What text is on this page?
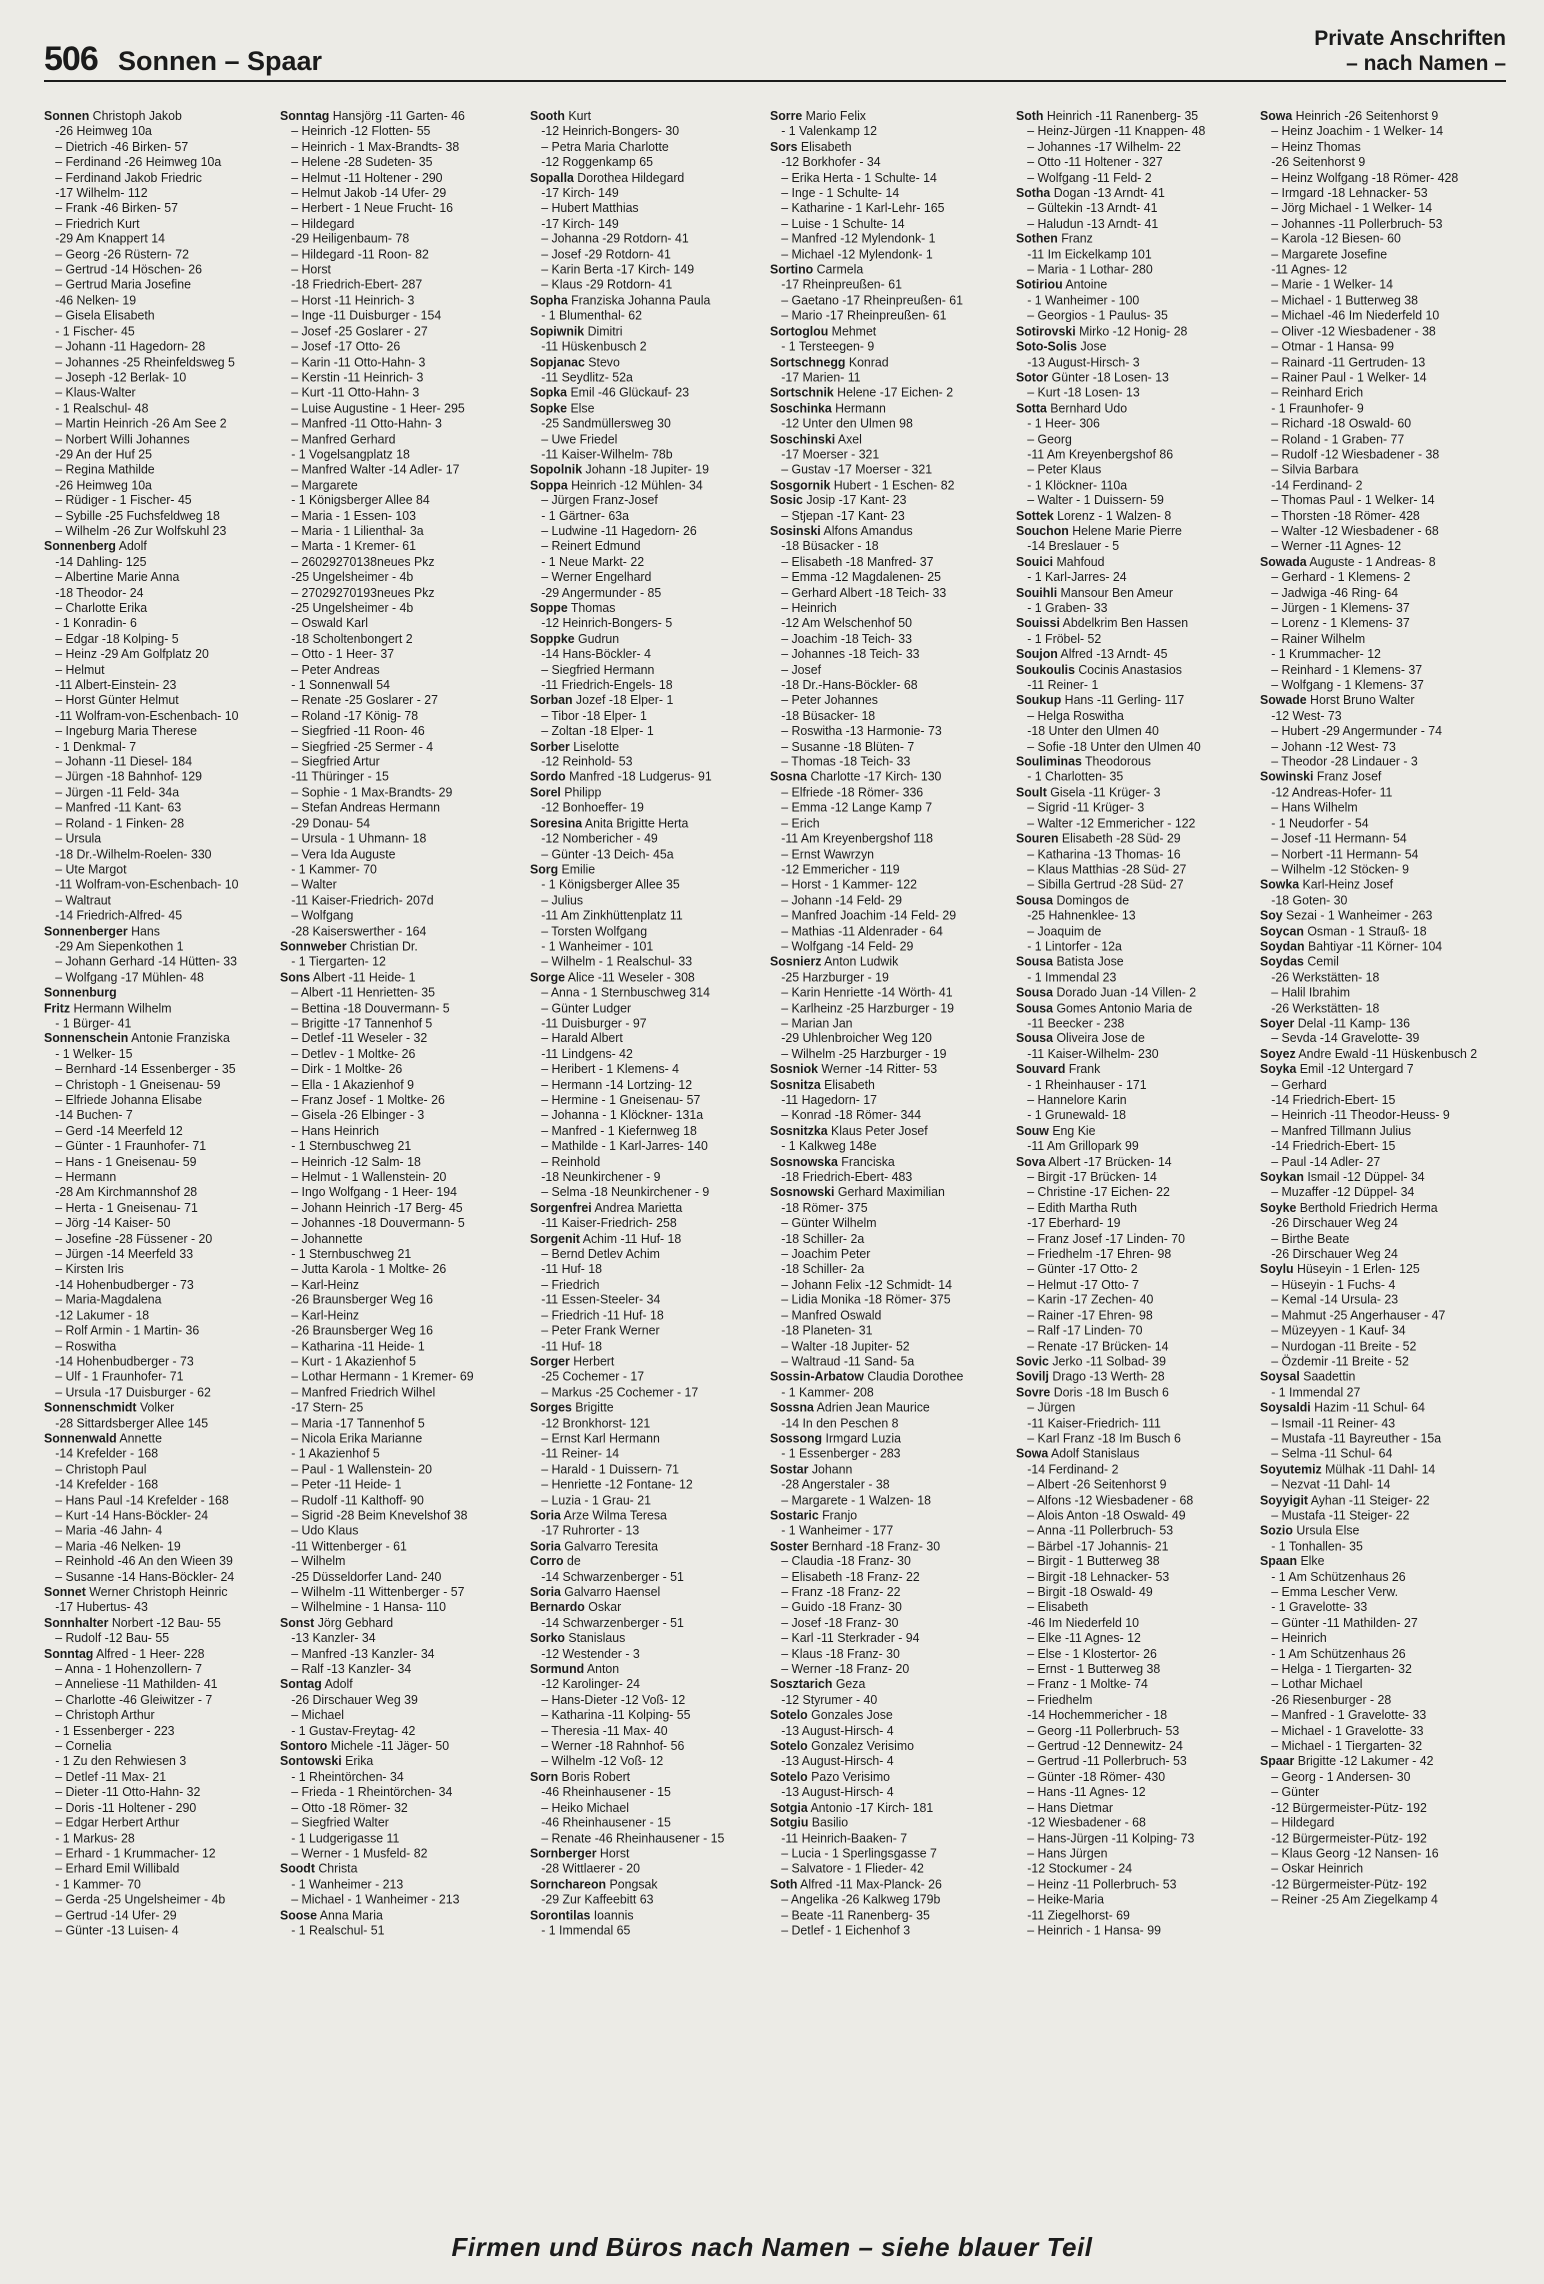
506 Sonnen – Spaar
Private Anschriften
– nach Namen –
Sonnen Christoph Jakob
-26 Heimweg 10a
– Dietrich -46 Birken- 57
– Ferdinand -26 Heimweg 10a
– Ferdinand Jakob Friedric
-17 Wilhelm- 112
– Frank -46 Birken- 57
– Friedrich Kurt
-29 Am Knappert 14
– Georg -26 Rüstern- 72
– Gertrud -14 Höschen- 26
– Gertrud Maria Josefine
-46 Nelken- 19
– Gisela Elisabeth
- 1 Fischer- 45
– Johann -11 Hagedorn- 28
– Johannes -25 Rheinfeldsweg 5
– Joseph -12 Berlak- 10
– Klaus-Walter
- 1 Realschul- 48
– Martin Heinrich -26 Am See 2
– Norbert Willi Johannes
-29 An der Huf 25
– Regina Mathilde
-26 Heimweg 10a
– Rüdiger - 1 Fischer- 45
– Sybille -25 Fuchsfeldweg 18
– Wilhelm -26 Zur Wolfskuhl 23
Sonnenberg Adolf
-14 Dahling- 125
– Albertine Marie Anna
-18 Theodor- 24
– Charlotte Erika
- 1 Konradin- 6
– Edgar -18 Kolping- 5
– Heinz -29 Am Golfplatz 20
– Helmut
-11 Albert-Einstein- 23
– Horst Günter Helmut
-11 Wolfram-von-Eschenbach- 10
– Ingeburg Maria Therese
- 1 Denkmal- 7
– Johann -11 Diesel- 184
– Jürgen -18 Bahnhof- 129
– Jürgen -11 Feld- 34a
– Manfred -11 Kant- 63
– Roland - 1 Finken- 28
– Ursula
-18 Dr.-Wilhelm-Roelen- 330
– Ute Margot
-11 Wolfram-von-Eschenbach- 10
– Waltraut
-14 Friedrich-Alfred- 45
Sonnenberger Hans
-29 Am Siepenkothen 1
– Johann Gerhard -14 Hütten- 33
– Wolfgang -17 Mühlen- 48
Sonnenburg
Fritz Hermann Wilhelm
- 1 Bürger- 41
Sonnenschein Antonie Franziska
- 1 Welker- 15
– Bernhard -14 Essenberger - 35
– Christoph - 1 Gneisenau- 59
– Elfriede Johanna Elisabe
-14 Buchen- 7
– Gerd -14 Meerfeld 12
– Günter - 1 Fraunhofer- 71
– Hans - 1 Gneisenau- 59
– Hermann
-28 Am Kirchmannshof 28
– Herta - 1 Gneisenau- 71
– Jörg -14 Kaiser- 50
– Josefine -28 Füssener - 20
– Jürgen -14 Meerfeld 33
– Kirsten Iris
-14 Hohenbudberger - 73
– Maria-Magdalena
-12 Lakumer - 18
– Rolf Armin - 1 Martin- 36
– Roswitha
-14 Hohenbudberger - 73
– Ulf - 1 Fraunhofer- 71
– Ursula -17 Duisburger - 62
Sonnenschmidt Volker
-28 Sittardsberger Allee 145
Sonnenwald Annette
-14 Krefelder - 168
– Christoph Paul
-14 Krefelder - 168
– Hans Paul -14 Krefelder - 168
– Kurt -14 Hans-Böckler- 24
– Maria -46 Jahn- 4
– Maria -46 Nelken- 19
– Reinhold -46 An den Wieen 39
– Susanne -14 Hans-Böckler- 24
Sonnet Werner Christoph Heinric
-17 Hubertus- 43
Sonnhalter Norbert -12 Bau- 55
– Rudolf -12 Bau- 55
Sonntag Alfred - 1 Heer- 228
– Anna - 1 Hohenzollern- 7
– Anneliese -11 Mathilden- 41
– Charlotte -46 Gleiwitzer - 7
– Christoph Arthur
- 1 Essenberger - 223
– Cornelia
- 1 Zu den Rehwiesen 3
– Detlef -11 Max- 21
– Dieter -11 Otto-Hahn- 32
– Doris -11 Holtener - 290
– Edgar Herbert Arthur
- 1 Markus- 28
– Erhard - 1 Krummacher- 12
– Erhard Emil Willibald
- 1 Kammer- 70
– Gerda -25 Ungelsheimer - 4b
– Gertrud -14 Ufer- 29
– Günter -13 Luisen- 4
Sonntag Hansjörg -11 Garten- 46
– Heinrich -12 Flotten- 55
– Heinrich - 1 Max-Brandts- 38
– Helene -28 Sudeten- 35
– Helmut -11 Holtener - 290
– Helmut Jakob -14 Ufer- 29
– Herbert - 1 Neue Frucht- 16
– Hildegard
-29 Heiligenbaum- 78
– Hildegard -11 Roon- 82
– Horst
-18 Friedrich-Ebert- 287
– Horst -11 Heinrich- 3
– Inge -11 Duisburger - 154
– Josef -25 Goslarer - 27
– Josef -17 Otto- 26
– Karin -11 Otto-Hahn- 3
– Kerstin -11 Heinrich- 3
– Kurt -11 Otto-Hahn- 3
– Luise Augustine - 1 Heer- 295
– Manfred -11 Otto-Hahn- 3
– Manfred Gerhard
- 1 Vogelsangplatz 18
– Manfred Walter -14 Adler- 17
– Margarete
- 1 Königsberger Allee 84
– Maria - 1 Essen- 103
– Maria - 1 Lilienthal- 3a
– Marta - 1 Kremer- 61
– 26029270138neues Pkz
-25 Ungelsheimer - 4b
– 27029270193neues Pkz
-25 Ungelsheimer - 4b
– Oswald Karl
-18 Scholtenbongert 2
– Otto - 1 Heer- 37
– Peter Andreas
- 1 Sonnenwall 54
– Renate -25 Goslarer - 27
– Roland -17 König- 78
– Siegfried -11 Roon- 46
– Siegfried -25 Sermer - 4
– Siegfried Artur
-11 Thüringer - 15
– Sophie - 1 Max-Brandts- 29
– Stefan Andreas Hermann
-29 Donau- 54
– Ursula - 1 Uhmann- 18
– Vera Ida Auguste
- 1 Kammer- 70
– Walter
-11 Kaiser-Friedrich- 207d
– Wolfgang
-28 Kaiserswerther - 164
Sonnweber Christian Dr.
- 1 Tiergarten- 12
Sons Albert -11 Heide- 1
– Albert -11 Henrietten- 35
– Bettina -18 Douvermann- 5
– Brigitte -17 Tannenhof 5
– Detlef -11 Weseler - 32
– Detlev - 1 Moltke- 26
– Dirk - 1 Moltke- 26
– Ella - 1 Akazienhof 9
– Franz Josef - 1 Moltke- 26
– Gisela -26 Elbinger - 3
– Hans Heinrich
- 1 Sternbuschweg 21
– Heinrich -12 Salm- 18
– Helmut - 1 Wallenstein- 20
– Ingo Wolfgang - 1 Heer- 194
– Johann Heinrich -17 Berg- 45
– Johannes -18 Douvermann- 5
– Johannette
- 1 Sternbuschweg 21
– Jutta Karola - 1 Moltke- 26
– Karl-Heinz
-26 Braunsberger Weg 16
– Karl-Heinz
-26 Braunsberger Weg 16
– Katharina -11 Heide- 1
– Kurt - 1 Akazienhof 5
– Lothar Hermann - 1 Kremer- 69
– Manfred Friedrich Wilhel
-17 Stern- 25
– Maria -17 Tannenhof 5
– Nicola Erika Marianne
- 1 Akazienhof 5
– Paul - 1 Wallenstein- 20
– Peter -11 Heide- 1
– Rudolf -11 Kalthoff- 90
– Sigrid -28 Beim Knevelshof 38
– Udo Klaus
-11 Wittenberger - 61
– Wilhelm
-25 Düsseldorfer Land- 240
– Wilhelm -11 Wittenberger - 57
– Wilhelmine - 1 Hansa- 110
Sonst Jörg Gebhard
-13 Kanzler- 34
– Manfred -13 Kanzler- 34
– Ralf -13 Kanzler- 34
Sontag Adolf
-26 Dirschauer Weg 39
– Michael
- 1 Gustav-Freytag- 42
Sontoro Michele -11 Jäger- 50
Sontowski Erika
- 1 Rheintörchen- 34
– Frieda - 1 Rheintörchen- 34
– Otto -18 Römer- 32
– Siegfried Walter
- 1 Ludgerigasse 11
– Werner - 1 Musfeld- 82
Soodt Christa
- 1 Wanheimer - 213
– Michael - 1 Wanheimer - 213
Soose Anna Maria
- 1 Realschul- 51
Sooth Kurt
-12 Heinrich-Bongers- 30
– Petra Maria Charlotte
-12 Roggenkamp 65
Sopalla Dorothea Hildegard
-17 Kirch- 149
– Hubert Matthias
-17 Kirch- 149
– Johanna -29 Rotdorn- 41
– Josef -29 Rotdorn- 41
– Karin Berta -17 Kirch- 149
– Klaus -29 Rotdorn- 41
Sopha Franziska Johanna Paula
- 1 Blumenthal- 62
Sopiwnik Dimitri
-11 Hüskenbusch 2
Sopjanac Stevo
-11 Seydlitz- 52a
Sopka Emil -46 Glückauf- 23
Sopke Else
-25 Sandmüllersweg 30
– Uwe Friedel
-11 Kaiser-Wilhelm- 78b
Sopolnik Johann -18 Jupiter- 19
Soppa Heinrich -12 Mühlen- 34
– Jürgen Franz-Josef
- 1 Gärtner- 63a
– Ludwine -11 Hagedorn- 26
– Reinert Edmund
- 1 Neue Markt- 22
– Werner Engelhard
-29 Angermunder - 85
Soppe Thomas
-12 Heinrich-Bongers- 5
Soppke Gudrun
-14 Hans-Böckler- 4
– Siegfried Hermann
-11 Friedrich-Engels- 18
Sorban Jozef -18 Elper- 1
– Tibor -18 Elper- 1
– Zoltan -18 Elper- 1
Sorber Liselotte
-12 Reinhold- 53
Sordo Manfred -18 Ludgerus- 91
Sorel Philipp
-12 Bonhoeffer- 19
Soresina Anita Brigitte Herta
-12 Nombericher - 49
– Günter -13 Deich- 45a
Sorg Emilie
- 1 Königsberger Allee 35
– Julius
-11 Am Zinkhüttenplatz 11
– Torsten Wolfgang
- 1 Wanheimer - 101
– Wilhelm - 1 Realschul- 33
Sorge Alice -11 Weseler - 308
– Anna - 1 Sternbuschweg 314
– Günter Ludger
-11 Duisburger - 97
– Harald Albert
-11 Lindgens- 42
– Heribert - 1 Klemens- 4
– Hermann -14 Lortzing- 12
– Hermine - 1 Gneisenau- 57
– Johanna - 1 Klöckner- 131a
– Manfred - 1 Kiefernweg 18
– Mathilde - 1 Karl-Jarres- 140
– Reinhold
-18 Neunkirchener - 9
– Selma -18 Neunkirchener - 9
Sorgenfrei Andrea Marietta
-11 Kaiser-Friedrich- 258
Sorgenit Achim -11 Huf- 18
– Bernd Detlev Achim
-11 Huf- 18
– Friedrich
-11 Essen-Steeler- 34
– Friedrich -11 Huf- 18
– Peter Frank Werner
-11 Huf- 18
Sorger Herbert
-25 Cochemer - 17
– Markus -25 Cochemer - 17
Sorges Brigitte
-12 Bronkhorst- 121
– Ernst Karl Hermann
-11 Reiner- 14
– Harald - 1 Duissern- 71
– Henriette -12 Fontane- 12
– Luzia - 1 Grau- 21
Soria Arze Wilma Teresa
-17 Ruhrorter - 13
Soria Galvarro Teresita
Corro de
-14 Schwarzenberger - 51
Soria Galvarro Haensel
Bernardo Oskar
-14 Schwarzenberger - 51
Sorko Stanislaus
-12 Westender - 3
Sormund Anton
-12 Karolinger- 24
– Hans-Dieter -12 Voß- 12
– Katharina -11 Kolping- 55
– Theresia -11 Max- 40
– Werner -18 Rahnhof- 56
– Wilhelm -12 Voß- 12
Sorn Boris Robert
-46 Rheinhausener - 15
– Heiko Michael
-46 Rheinhausener - 15
– Renate -46 Rheinhausener - 15
Sornberger Horst
-28 Wittlaerer - 20
Sornchareon Pongsak
-29 Zur Kaffeebitt 63
Sorontilas Ioannis
- 1 Immendal 65
Sorre Mario Felix
- 1 Valenkamp 12
Sors Elisabeth
-12 Borkhofer - 34
– Erika Herta - 1 Schulte- 14
– Inge - 1 Schulte- 14
– Katharine - 1 Karl-Lehr- 165
– Luise - 1 Schulte- 14
– Manfred -12 Mylendonk- 1
– Michael -12 Mylendonk- 1
Sortino Carmela
-17 Rheinpreußen- 61
– Gaetano -17 Rheinpreußen- 61
– Mario -17 Rheinpreußen- 61
Sortoglou Mehmet
- 1 Tersteegen- 9
Sortschnegg Konrad
-17 Marien- 11
Sortschnik Helene -17 Eichen- 2
Soschinka Hermann
-12 Unter den Ulmen 98
Soschinski Axel
-17 Moerser - 321
– Gustav -17 Moerser - 321
Sosgornik Hubert - 1 Eschen- 82
Sosic Josip -17 Kant- 23
– Stjepan -17 Kant- 23
Sosinski Alfons Amandus
-18 Büsacker - 18
– Elisabeth -18 Manfred- 37
– Emma -12 Magdalenen- 25
– Gerhard Albert -18 Teich- 33
– Heinrich
-12 Am Welschenhof 50
– Joachim -18 Teich- 33
– Johannes -18 Teich- 33
– Josef
-18 Dr.-Hans-Böckler- 68
– Peter Johannes
-18 Büsacker- 18
– Roswitha -13 Harmonie- 73
– Susanne -18 Blüten- 7
– Thomas -18 Teich- 33
Sosna Charlotte -17 Kirch- 130
– Elfriede -18 Römer- 336
– Emma -12 Lange Kamp 7
– Erich
-11 Am Kreyenbergshof 118
– Ernst Wawrzyn
-12 Emmericher - 119
– Horst - 1 Kammer- 122
– Johann -14 Feld- 29
– Manfred Joachim -14 Feld- 29
– Mathias -11 Aldenrader - 64
– Wolfgang -14 Feld- 29
Sosnierz Anton Ludwik
-25 Harzburger - 19
– Karin Henriette -14 Wörth- 41
– Karlheinz -25 Harzburger - 19
– Marian Jan
-29 Uhlenbroicher Weg 120
– Wilhelm -25 Harzburger - 19
Sosniok Werner -14 Ritter- 53
Sosnitza Elisabeth
-11 Hagedorn- 17
– Konrad -18 Römer- 344
Sosnitzka Klaus Peter Josef
- 1 Kalkweg 148e
Sosnowska Franciska
-18 Friedrich-Ebert- 483
Sosnowski Gerhard Maximilian
-18 Römer- 375
– Günter Wilhelm
-18 Schiller- 2a
– Joachim Peter
-18 Schiller- 2a
– Johann Felix -12 Schmidt- 14
– Lidia Monika -18 Römer- 375
– Manfred Oswald
-18 Planeten- 31
– Walter -18 Jupiter- 52
– Waltraud -11 Sand- 5a
Sossin-Arbatow Claudia Dorothee
- 1 Kammer- 208
Sossna Adrien Jean Maurice
-14 In den Peschen 8
Sossong Irmgard Luzia
- 1 Essenberger - 283
Sostar Johann
-28 Angerstaler - 38
– Margarete - 1 Walzen- 18
Sostaric Franjo
- 1 Wanheimer - 177
Soster Bernhard -18 Franz- 30
– Claudia -18 Franz- 30
– Elisabeth -18 Franz- 22
– Franz -18 Franz- 22
– Guido -18 Franz- 30
– Josef -18 Franz- 30
– Karl -11 Sterkrader - 94
– Klaus -18 Franz- 30
– Werner -18 Franz- 20
Sosztarich Geza
-12 Styrumer - 40
Sotelo Gonzales Jose
-13 August-Hirsch- 4
Sotelo Gonzalez Verisimo
-13 August-Hirsch- 4
Sotelo Pazo Verisimo
-13 August-Hirsch- 4
Sotgia Antonio -17 Kirch- 181
Sotgiu Basilio
-11 Heinrich-Baaken- 7
– Lucia - 1 Sperlingsgasse 7
– Salvatore - 1 Flieder- 42
Soth Alfred -11 Max-Planck- 26
– Angelika -26 Kalkweg 179b
– Beate -11 Ranenberg- 35
– Detlef - 1 Eichenhof 3
Soth Heinrich -11 Ranenberg- 35
– Heinz-Jürgen -11 Knappen- 48
– Johannes -17 Wilhelm- 22
– Otto -11 Holtener - 327
– Wolfgang -11 Feld- 2
Sotha Dogan -13 Arndt- 41
– Gültekin -13 Arndt- 41
– Haludun -13 Arndt- 41
Sothen Franz
-11 Im Eickelkamp 101
– Maria - 1 Lothar- 280
Sotiriou Antoine
- 1 Wanheimer - 100
– Georgios - 1 Paulus- 35
Sotirovski Mirko -12 Honig- 28
Soto-Solis Jose
-13 August-Hirsch- 3
Sotor Günter -18 Losen- 13
– Kurt -18 Losen- 13
Sotta Bernhard Udo
- 1 Heer- 306
– Georg
-11 Am Kreyenbergshof 86
– Peter Klaus
- 1 Klöckner- 110a
– Walter - 1 Duissern- 59
Sottek Lorenz - 1 Walzen- 8
Souchon Helene Marie Pierre
-14 Breslauer - 5
Souici Mahfoud
- 1 Karl-Jarres- 24
Souihli Mansour Ben Ameur
- 1 Graben- 33
Souissi Abdelkrim Ben Hassen
- 1 Fröbel- 52
Soujon Alfred -13 Arndt- 45
Soukoulis Cocinis Anastasios
-11 Reiner- 1
Soukup Hans -11 Gerling- 117
– Helga Roswitha
-18 Unter den Ulmen 40
– Sofie -18 Unter den Ulmen 40
Souliminas Theodorous
- 1 Charlotten- 35
Soult Gisela -11 Krüger- 3
– Sigrid -11 Krüger- 3
– Walter -12 Emmericher - 122
Souren Elisabeth -28 Süd- 29
– Katharina -13 Thomas- 16
– Klaus Matthias -28 Süd- 27
– Sibilla Gertrud -28 Süd- 27
Sousa Domingos de
-25 Hahnenklee- 13
– Joaquim de
- 1 Lintorfer - 12a
Sousa Batista Jose
- 1 Immendal 23
Sousa Dorado Juan -14 Villen- 2
Sousa Gomes Antonio Maria de
-11 Beecker - 238
Sousa Oliveira Jose de
-11 Kaiser-Wilhelm- 230
Souvard Frank
- 1 Rheinhauser - 171
– Hannelore Karin
- 1 Grunewald- 18
Souw Eng Kie
-11 Am Grillopark 99
Sova Albert -17 Brücken- 14
– Birgit -17 Brücken- 14
– Christine -17 Eichen- 22
– Edith Martha Ruth
-17 Eberhard- 19
– Franz Josef -17 Linden- 70
– Friedhelm -17 Ehren- 98
– Günter -17 Otto- 2
– Helmut -17 Otto- 7
– Karin -17 Zechen- 40
– Rainer -17 Ehren- 98
– Ralf -17 Linden- 70
– Renate -17 Brücken- 14
Sovic Jerko -11 Solbad- 39
Sovilj Drago -13 Werth- 28
Sovre Doris -18 Im Busch 6
– Jürgen
-11 Kaiser-Friedrich- 111
– Karl Franz -18 Im Busch 6
Sowa Adolf Stanislaus
-14 Ferdinand- 2
– Albert -26 Seitenhorst 9
– Alfons -12 Wiesbadener - 68
– Alois Anton -18 Oswald- 49
– Anna -11 Pollerbruch- 53
– Bärbel -17 Johannis- 21
– Birgit - 1 Butterweg 38
– Birgit -18 Lehnacker- 53
– Birgit -18 Oswald- 49
– Elisabeth
-46 Im Niederfeld 10
– Elke -11 Agnes- 12
– Else - 1 Klostertor- 26
– Ernst - 1 Butterweg 38
– Franz - 1 Moltke- 74
– Friedhelm
-14 Hochemmericher - 18
– Georg -11 Pollerbruch- 53
– Gertrud -12 Dennewitz- 24
– Gertrud -11 Pollerbruch- 53
– Günter -18 Römer- 430
– Hans -11 Agnes- 12
– Hans Dietmar
-12 Wiesbadener - 68
– Hans-Jürgen -11 Kolping- 73
– Hans Jürgen
-12 Stockumer - 24
– Heinz -11 Pollerbruch- 53
– Heike-Maria
-11 Ziegelhorst- 69
– Heinrich - 1 Hansa- 99
Sowa Heinrich -26 Seitenhorst 9
– Heinz Joachim - 1 Welker- 14
– Heinz Thomas
-26 Seitenhorst 9
– Heinz Wolfgang -18 Römer- 428
– Irmgard -18 Lehnacker- 53
– Jörg Michael - 1 Welker- 14
– Johannes -11 Pollerbruch- 53
– Karola -12 Biesen- 60
– Margarete Josefine
-11 Agnes- 12
– Marie - 1 Welker- 14
– Michael - 1 Butterweg 38
– Michael -46 Im Niederfeld 10
– Oliver -12 Wiesbadener - 38
– Otmar - 1 Hansa- 99
– Rainard -11 Gertruden- 13
– Rainer Paul - 1 Welker- 14
– Reinhard Erich
- 1 Fraunhofer- 9
– Richard -18 Oswald- 60
– Roland - 1 Graben- 77
– Rudolf -12 Wiesbadener - 38
– Silvia Barbara
-14 Ferdinand- 2
– Thomas Paul - 1 Welker- 14
– Thorsten -18 Römer- 428
– Walter -12 Wiesbadener - 68
– Werner -11 Agnes- 12
Sowada Auguste - 1 Andreas- 8
– Gerhard - 1 Klemens- 2
– Jadwiga -46 Ring- 64
– Jürgen - 1 Klemens- 37
– Lorenz - 1 Klemens- 37
– Rainer Wilhelm
- 1 Krummacher- 12
– Reinhard - 1 Klemens- 37
– Wolfgang - 1 Klemens- 37
Sowade Horst Bruno Walter
-12 West- 73
– Hubert -29 Angermunder - 74
– Johann -12 West- 73
– Theodor -28 Lindauer - 3
Sowinski Franz Josef
-12 Andreas-Hofer- 11
– Hans Wilhelm
- 1 Neudorfer - 54
– Josef -11 Hermann- 54
– Norbert -11 Hermann- 54
– Wilhelm -12 Stöcken- 9
Sowka Karl-Heinz Josef
-18 Goten- 30
Soy Sezai - 1 Wanheimer - 263
Soycan Osman - 1 Strauß- 18
Soydan Bahtiyar -11 Körner- 104
Soydas Cemil
-26 Werkstätten- 18
– Halil Ibrahim
-26 Werkstätten- 18
Soyer Delal -11 Kamp- 136
– Sevda -14 Gravelotte- 39
Soyez Andre Ewald -11 Hüskenbusch 2
Soyka Emil -12 Untergard 7
– Gerhard
-14 Friedrich-Ebert- 15
– Heinrich -11 Theodor-Heuss- 9
– Manfred Tillmann Julius
-14 Friedrich-Ebert- 15
– Paul -14 Adler- 27
Soykan Ismail -12 Düppel- 34
– Muzaffer -12 Düppel- 34
Soyke Berthold Friedrich Herma
-26 Dirschauer Weg 24
– Birthe Beate
-26 Dirschauer Weg 24
Soylu Hüseyin - 1 Erlen- 125
– Hüseyin - 1 Fuchs- 4
– Kemal -14 Ursula- 23
– Mahmut -25 Angerhauser - 47
– Müzeyyen - 1 Kauf- 34
– Nurdogan -11 Breite - 52
– Özdemir -11 Breite - 52
Soysal Saadettin
- 1 Immendal 27
Soysaldi Hazim -11 Schul- 64
– Ismail -11 Reiner- 43
– Mustafa -11 Bayreuther - 15a
– Selma -11 Schul- 64
Soyutemiz Mülhak -11 Dahl- 14
– Nezvat -11 Dahl- 14
Soyyigit Ayhan -11 Steiger- 22
– Mustafa -11 Steiger- 22
Sozio Ursula Else
- 1 Tonhallen- 35
Spaan Elke
- 1 Am Schützenhaus 26
– Emma Lescher Verw.
- 1 Gravelotte- 33
– Günter -11 Mathilden- 27
– Heinrich
- 1 Am Schützenhaus 26
– Helga - 1 Tiergarten- 32
– Lothar Michael
-26 Riesenburger - 28
– Manfred - 1 Gravelotte- 33
– Michael - 1 Gravelotte- 33
– Michael - 1 Tiergarten- 32
Spaar Brigitte -12 Lakumer - 42
– Georg - 1 Andersen- 30
– Günter
-12 Bürgermeister-Pütz- 192
– Hildegard
-12 Bürgermeister-Pütz- 192
– Klaus Georg -12 Nansen- 16
– Oskar Heinrich
-12 Bürgermeister-Pütz- 192
– Reiner -25 Am Ziegelkamp 4
Firmen und Büros nach Namen – siehe blauer Teil
